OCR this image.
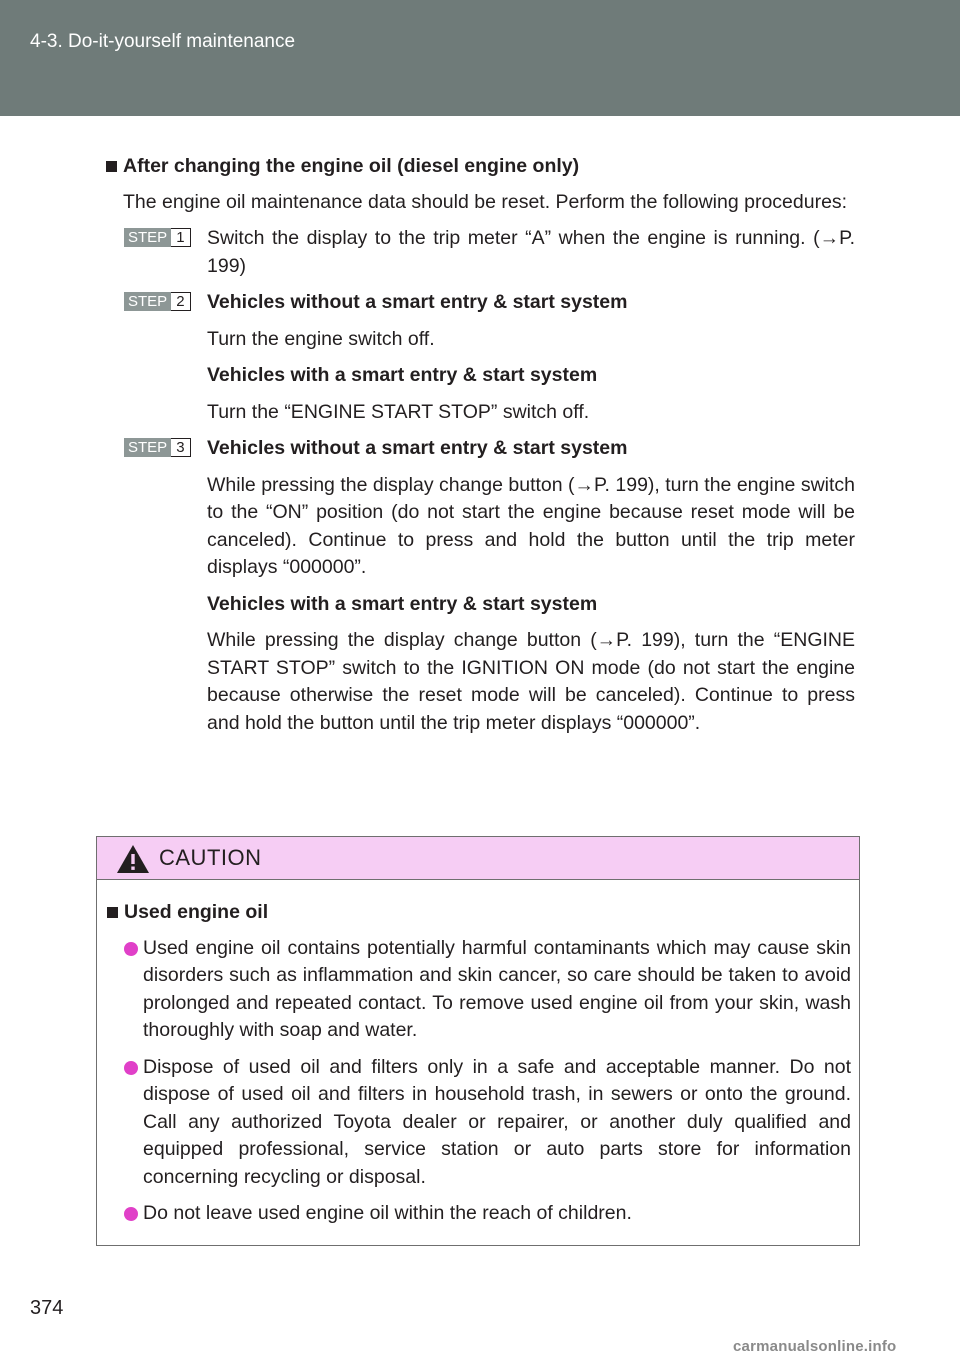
4-3. Do-it-yourself maintenance
After changing the engine oil (diesel engine only)

The engine oil maintenance data should be reset. Perform the following procedures:

STEP 1	Switch the display to the trip meter “A” when the engine is running. (→P. 199)

STEP 2	Vehicles without a smart entry & start system

Turn the engine switch off.

Vehicles with a smart entry & start system

Turn the “ENGINE START STOP” switch off.

STEP 3	Vehicles without a smart entry & start system

While pressing the display change button (→P. 199), turn the engine switch to the “ON” position (do not start the engine because reset mode will be canceled). Continue to press and hold the button until the trip meter displays “000000”.

Vehicles with a smart entry & start system

While pressing the display change button (→P. 199), turn the “ENGINE START STOP” switch to the IGNITION ON mode (do not start the engine because otherwise the reset mode will be canceled). Continue to press and hold the button until the trip meter displays “000000”.

CAUTION
Used engine oil
Used engine oil contains potentially harmful contaminants which may cause skin disorders such as inflammation and skin cancer, so care should be taken to avoid prolonged and repeated contact. To remove used engine oil from your skin, wash thoroughly with soap and water.
Dispose of used oil and filters only in a safe and acceptable manner. Do not dispose of used oil and filters in household trash, in sewers or onto the ground. Call any authorized Toyota dealer or repairer, or another duly qualified and equipped professional, service station or auto parts store for information concerning recycling or disposal.
Do not leave used engine oil within the reach of children.
374
carmanualsonline.info
